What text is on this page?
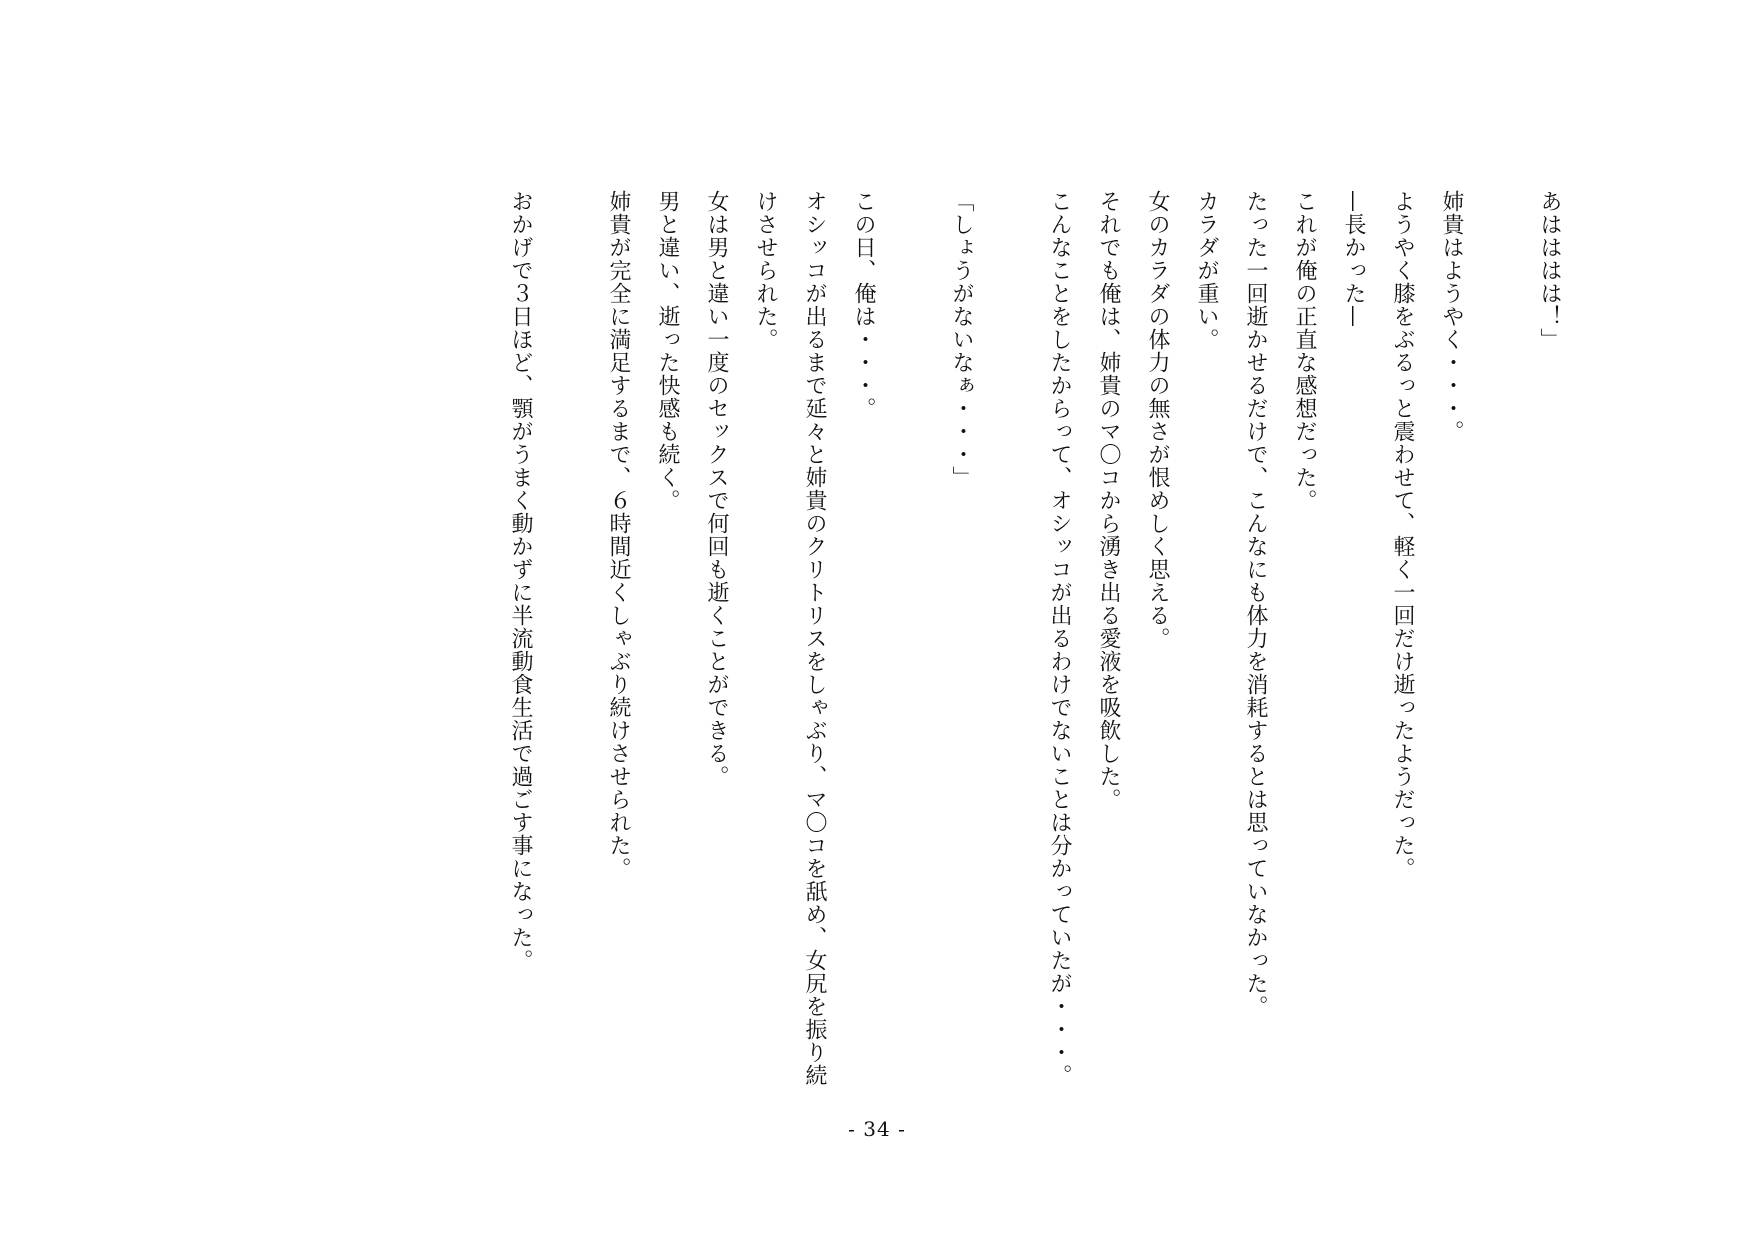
あはははは！」
姉貴はようやく・・・。
ようやく膝をぶるっと震わせて、軽く一回だけ逝ったようだった。
—長かった—
これが俺の正直な感想だった。
たった一回逝かせるだけで、こんなにも体力を消耗するとは思っていなかった。
カラダが重い。
女のカラダの体力の無さが恨めしく思える。
それでも俺は、姉貴のマ〇コから湧き出る愛液を吸飲した。
こんなことをしたからって、オシッコが出るわけでないことは分かっていたが・・・。
「しょうがないなぁ・・・」
この日、俺は・・・。
オシッコが出るまで延々と姉貴のクリトリスをしゃぶり、マ〇コを舐め、女尻を振り続
けさせられた。
女は男と違い一度のセックスで何回も逝くことができる。
男と違い、逝った快感も続く。
姉貴が完全に満足するまで、６時間近くしゃぶり続けさせられた。
おかげで３日ほど、顎がうまく動かずに半流動食生活で過ごす事になった。
- 34 -
